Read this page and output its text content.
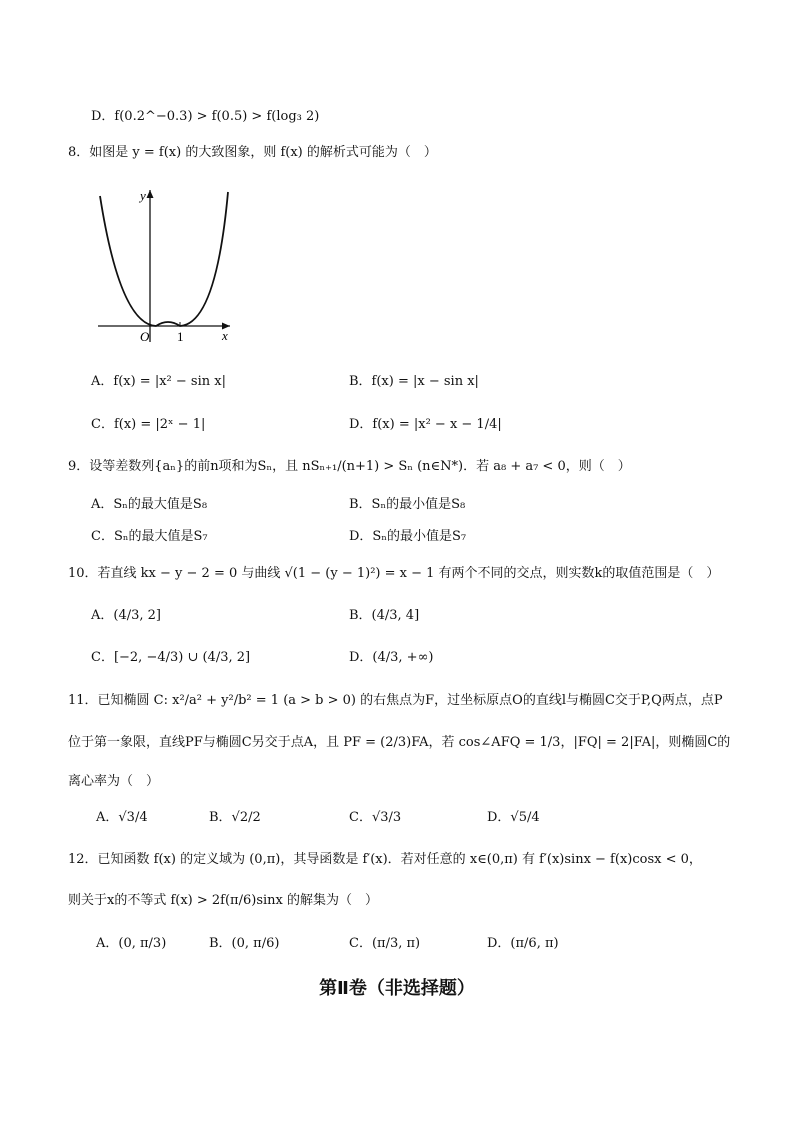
D．f(0.2^−0.3) > f(0.5) > f(log₃ 2)
8．如图是 y = f(x) 的大致图象，则 f(x) 的解析式可能为（　）
y
x
O 1
A．f(x) = |x² − sin x|	B．f(x) = |x − sin x|
C．f(x) = |2ˣ − 1|	D．f(x) = |x² − x − 1/4|
9．设等差数列{aₙ}的前n项和为Sₙ，且 nSₙ₊₁/(n+1) > Sₙ (n∈N*)．若 a₈ + a₇ < 0，则（　）
A．Sₙ的最大值是S₈	B．Sₙ的最小值是S₈
C．Sₙ的最大值是S₇	D．Sₙ的最小值是S₇
10．若直线 kx − y − 2 = 0 与曲线 √(1 − (y − 1)²) = x − 1 有两个不同的交点，则实数k的取值范围是（　）
A．(4/3, 2]	B．(4/3, 4]
C．[−2, −4/3) ∪ (4/3, 2]	D．(4/3, +∞)
11．已知椭圆 C: x²/a² + y²/b² = 1 (a > b > 0) 的右焦点为F，过坐标原点O的直线l与椭圆C交于P,Q两点，点P
位于第一象限，直线PF与椭圆C另交于点A，且 PF = (2/3)FA，若 cos∠AFQ = 1/3，|FQ| = 2|FA|，则椭圆C的
离心率为（　）
A．√3/4	B．√2/2	C．√3/3	D．√5/4
12．已知函数 f(x) 的定义域为 (0,π)，其导函数是 f′(x)．若对任意的 x∈(0,π) 有 f′(x)sinx − f(x)cosx < 0，
则关于x的不等式 f(x) > 2f(π/6)sinx 的解集为（　）
A．(0, π/3)	B．(0, π/6)	C．(π/3, π)	D．(π/6, π)
第Ⅱ卷（非选择题）
